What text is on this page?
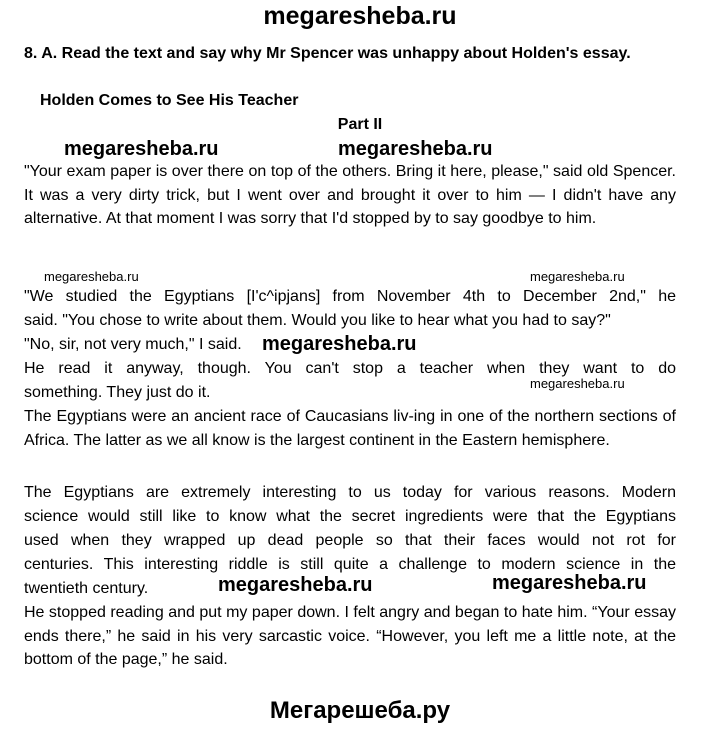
megaresheba.ru
8. A. Read the text and say why Mr Spencer was unhappy about Holden's essay.
Holden Comes to See His Teacher
Part II
megaresheba.ru	megaresheba.ru
"Your exam paper is over there on top of the others. Bring it here, please," said old Spencer. It was a very dirty trick, but I went over and brought it over to him — I didn't have any alternative. At that moment I was sorry that I'd stopped by to say goodbye to him.
megaresheba.ru	megaresheba.ru
"We studied the Egyptians [I'c^ipjans] from November 4th to December 2nd," he
said. "You chose to write about them. Would you like to hear what you had to say?"
"No, sir, not very much," I said. megaresheba.ru
He read it anyway, though. You can't stop a teacher when they want to do
something. They just do it.
megaresheba.ru
The Egyptians were an ancient race of Caucasians liv-ing in one of the northern sections of Africa. The latter as we all know is the largest continent in the Eastern hemisphere.
The Egyptians are extremely interesting to us today for various reasons. Modern
science would still like to know what the secret ingredients were that the Egyptians
used when they wrapped up dead people so that their faces would not rot for
centuries. This interesting riddle is still quite a challenge to modern science in the
twentieth century.	megaresheba.ru	megaresheba.ru
He stopped reading and put my paper down. I felt angry and began to hate him. “Your essay ends there,” he said in his very sarcastic voice. “However, you left me a little note, at the bottom of the page,” he said.
Мегарешеба.ру
